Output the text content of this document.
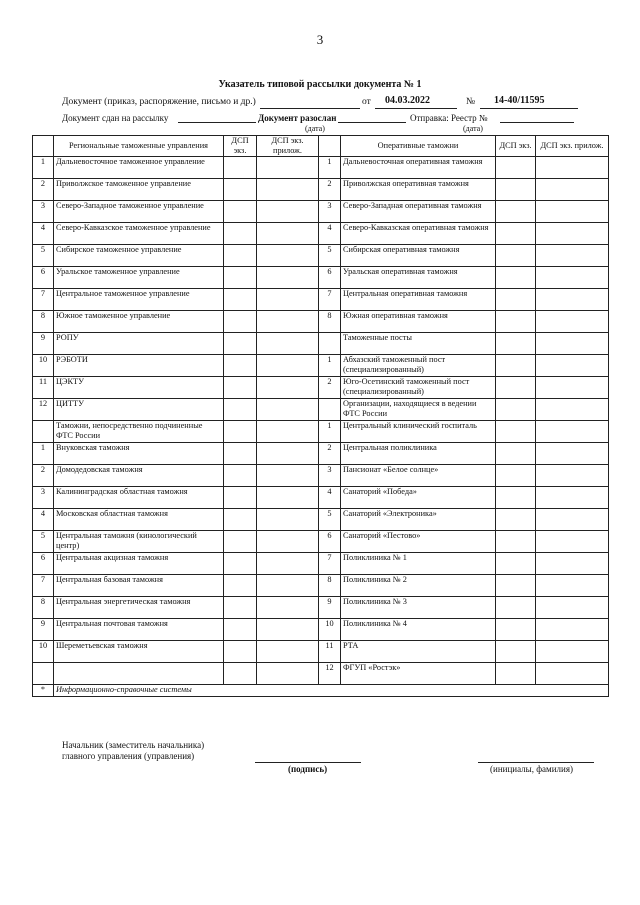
3
Указатель типовой рассылки документа № 1
Документ (приказ, распоряжение, письмо и др.)	от 04.03.2022	№ 14-40/11595
Документ сдан на рассылку	Документ разослан	Отправка: Реестр №
(дата)	(дата)
	Региональные таможенные управления	ДСП экз.	ДСП экз. прилож.		Оперативные таможни	ДСП экз.	ДСП экз. прилож.
1	Дальневосточное таможенное управление			1	Дальневосточная оперативная таможня		
2	Приволжское таможенное управление			2	Приволжская оперативная таможня		
3	Северо-Западное таможенное управление			3	Северо-Западная оперативная таможня		
4	Северо-Кавказское таможенное управление			4	Северо-Кавказская оперативная таможня		
5	Сибирское таможенное управление			5	Сибирская оперативная таможня		
6	Уральское таможенное управление			6	Уральская оперативная таможня		
7	Центральное таможенное управление			7	Центральная оперативная таможня		
8	Южное таможенное управление			8	Южная оперативная таможня		
9	РОПУ				Таможенные посты		
10	РЭБОТИ			1	Абхазский таможенный пост (специализированный)		
11	ЦЭКТУ			2	Юго-Осетинский таможенный пост (специализированный)		
12	ЦИТТУ				Организации, находящиеся в ведении ФТС России		
	Таможни, непосредственно подчиненные ФТС России			1	Центральный клинический госпиталь		
1	Внуковская таможня			2	Центральная поликлиника		
2	Домодедовская таможня			3	Пансионат «Белое солнце»		
3	Калининградская областная таможня			4	Санаторий «Победа»		
4	Московская областная таможня			5	Санаторий «Электроника»		
5	Центральная таможня (кинологический центр)			6	Санаторий «Пестово»		
6	Центральная акцизная таможня			7	Поликлиника № 1		
7	Центральная базовая таможня			8	Поликлиника № 2		
8	Центральная энергетическая таможня			9	Поликлиника № 3		
9	Центральная почтовая таможня			10	Поликлиника № 4		
10	Шереметьевская таможня			11	РТА		
				12	ФГУП «Ростэк»		
*	Информационно-справочные системы						
Начальник (заместитель начальника)
главного управления (управления)
(подпись)	(инициалы, фамилия)
